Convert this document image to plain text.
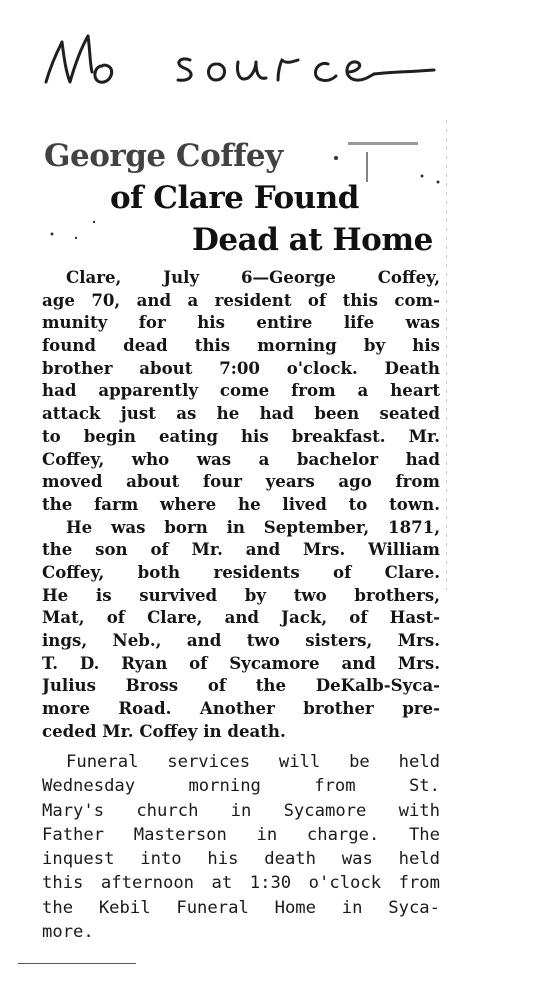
George Coffey
of Clare Found
Dead at Home
Clare, July 6—George Coffey,
age 70, and a resident of this com-
munity for his entire life was
found dead this morning by his
brother about 7:00 o'clock. Death
had apparently come from a heart
attack just as he had been seated
to begin eating his breakfast. Mr.
Coffey, who was a bachelor had
moved about four years ago from
the farm where he lived to town.
He was born in September, 1871,
the son of Mr. and Mrs. William
Coffey, both residents of Clare.
He is survived by two brothers,
Mat, of Clare, and Jack, of Hast-
ings, Neb., and two sisters, Mrs.
T. D. Ryan of Sycamore and Mrs.
Julius Bross of the DeKalb-Syca-
more Road. Another brother pre-
ceded Mr. Coffey in death.
Funeral services will be held
Wednesday morning from St.
Mary's church in Sycamore with
Father Masterson in charge. The
inquest into his death was held
this afternoon at 1:30 o'clock from
the Kebil Funeral Home in Syca-
more.
